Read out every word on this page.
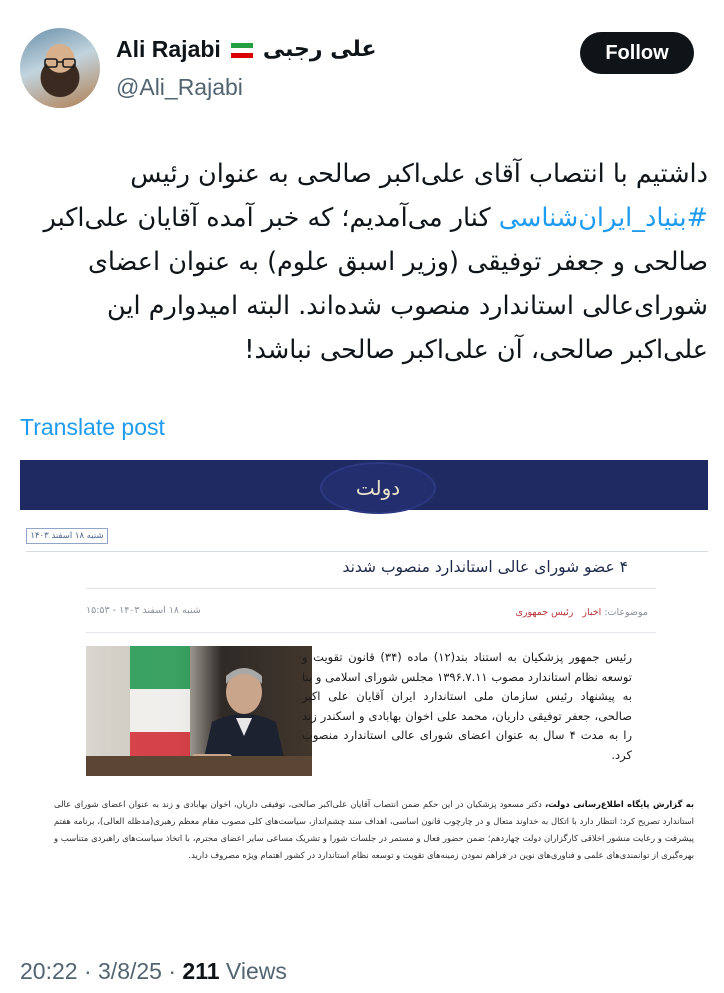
Ali Rajabi علی رجبی
@Ali_Rajabi
Follow
داشتیم با انتصاب آقای علی‌اکبر صالحی به عنوان رئیس #بنیاد_ایران‌شناسی کنار می‌آمدیم؛ که خبر آمده آقایان علی‌اکبر صالحی و جعفر توفیقی (وزیر اسبق علوم) به عنوان اعضای شورای‌عالی استاندارد منصوب شده‌اند. البته امیدوارم این علی‌اکبر صالحی، آن علی‌اکبر صالحی نباشد!
Translate post
دولت
شنبه ۱۸ اسفند ۱۴۰۳
۴ عضو شورای عالی استاندارد منصوب شدند
شنبه ۱۸ اسفند ۱۴۰۳ - ۱۵:۵۳	موضوعات: اخبار رئیس جمهوری
رئیس جمهور پزشکیان به استناد بند(۱۲) ماده (۳۴) قانون تقویت و توسعه نظام استاندارد مصوب ۱۳۹۶.۷.۱۱ مجلس شورای اسلامی و بنا به پیشنهاد رئیس سازمان ملی استاندارد ایران آقایان علی اکبر صالحی، جعفر توفیقی داریان، محمد علی اخوان بهابادی و اسکندر زند را به مدت ۴ سال به عنوان اعضای شورای عالی استاندارد منصوب کرد.
به گزارش پایگاه اطلاع‌رسانی دولت، دکتر مسعود پزشکیان در این حکم ضمن انتصاب آقایان علی‌اکبر صالحی، توفیقی داریان، اخوان بهابادی و زند به عنوان اعضای شورای عالی استاندارد تصریح کرد: انتظار دارد با اتکال به خداوند متعال و در چارچوب قانون اساسی، اهداف سند چشم‌انداز، سیاست‌های کلی مصوب مقام معظم رهبری(مدظله العالی)، برنامه هفتم پیشرفت و رعایت منشور اخلاقی کارگزاران دولت چهاردهم؛ ضمن حضور فعال و مستمر در جلسات شورا و تشریک مساعی سایر اعضای محترم، با اتخاذ سیاست‌های راهبردی متناسب و بهره‌گیری از توانمندی‌های علمی و فناوری‌های نوین در فراهم نمودن زمینه‌های تقویت و توسعه نظام استاندارد در کشور اهتمام ویژه مصروف دارید.
20:22 · 3/8/25 · 211 Views
